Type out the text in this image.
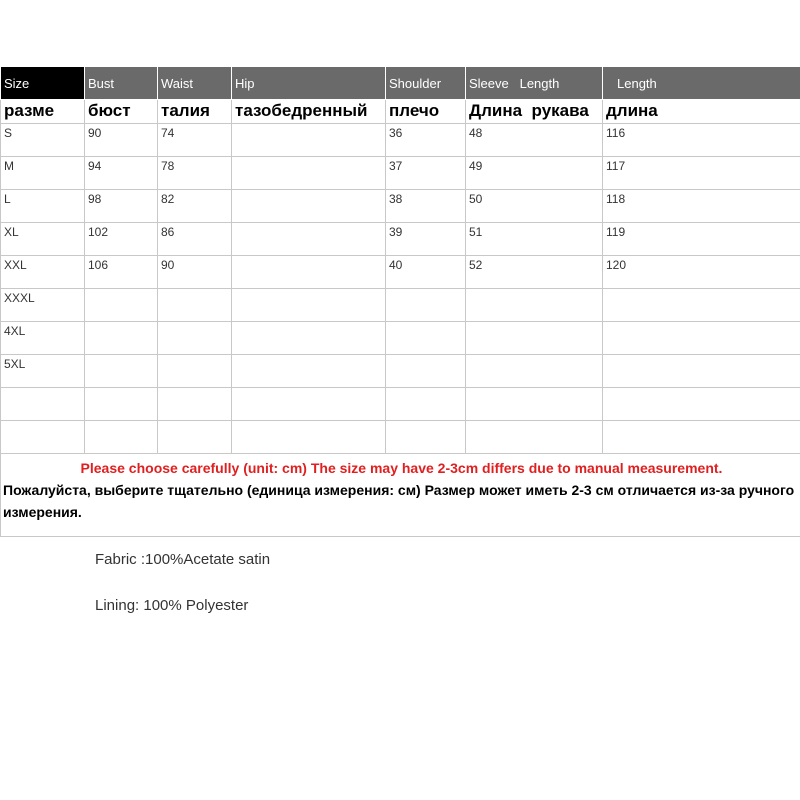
Size	Bust	Waist	Hip	Shoulder	Sleeve   Length	Length
разме	бюст	талия	тазобедренный	плечо	Длина  рукава	длина
S	90	74		36	48	116
M	94	78		37	49	117
L	98	82		38	50	118
XL	102	86		39	51	119
XXL	106	90		40	52	120
XXXL						
4XL						
5XL						

Please choose carefully (unit: cm) The size may have 2-3cm differs due to manual measurement.
Пожалуйста, выберите тщательно (единица измерения: см) Размер может иметь 2-3 см отличается из-за ручного измерения.						
Fabric :100%Acetate satin
Lining: 100% Polyester
